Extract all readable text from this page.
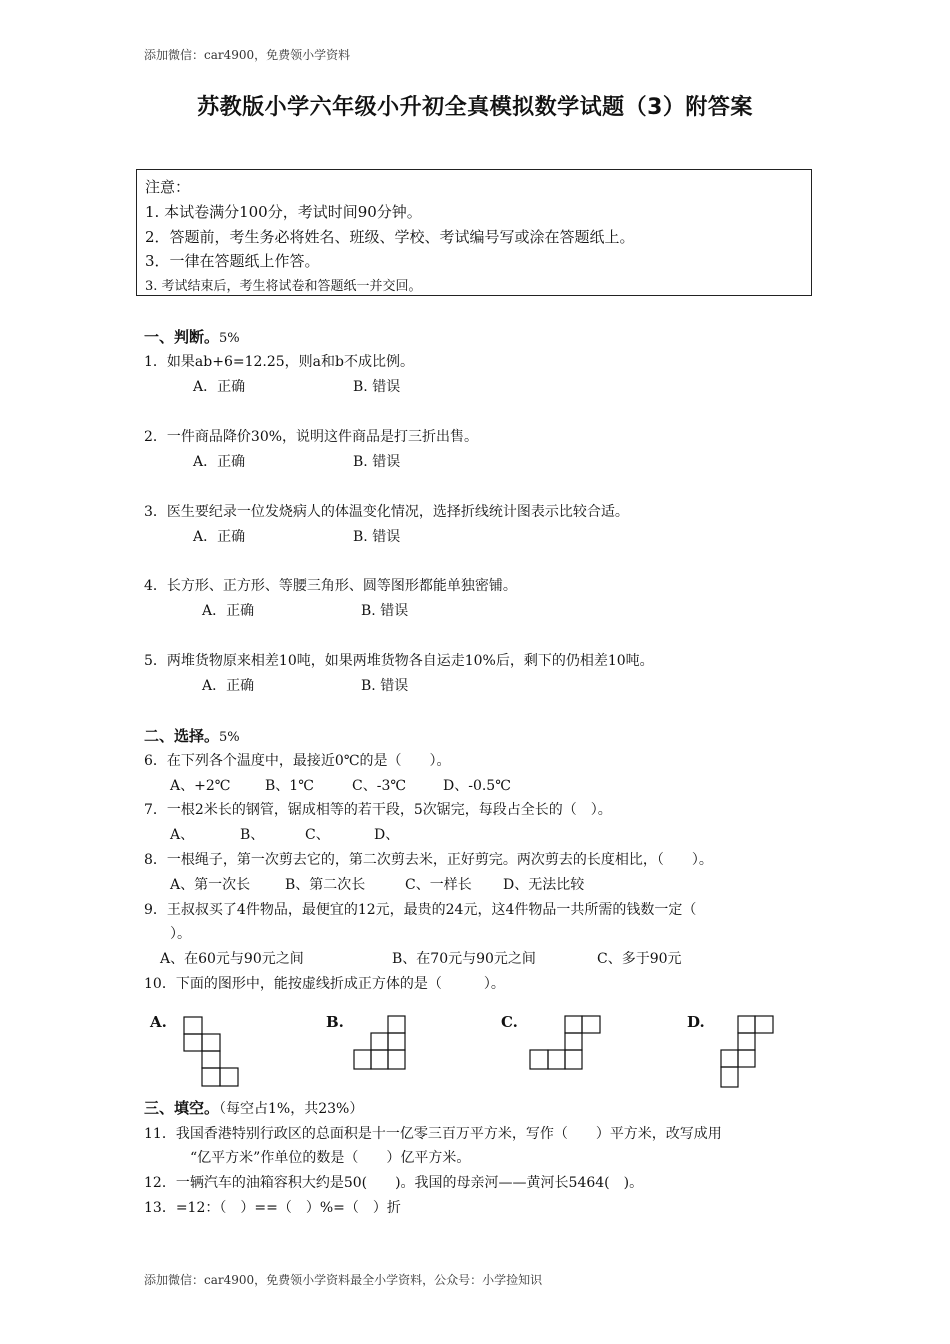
添加微信：car4900，免费领小学资料
苏教版小学六年级小升初全真模拟数学试题（3）附答案
注意：
1. 本试卷满分100分，考试时间90分钟。
2．答题前，考生务必将姓名、班级、学校、考试编号写或涂在答题纸上。
3．一律在答题纸上作答。
3. 考试结束后，考生将试卷和答题纸一并交回。
一、判断。5%
1．如果ab+6=12.25，则a和b不成比例。
A．正确	B. 错误
2．一件商品降价30%，说明这件商品是打三折出售。
A．正确	B. 错误
3．医生要纪录一位发烧病人的体温变化情况，选择折线统计图表示比较合适。
A．正确	B. 错误
4．长方形、正方形、等腰三角形、圆等图形都能单独密铺。
A．正确	B. 错误
5．两堆货物原来相差10吨，如果两堆货物各自运走10%后，剩下的仍相差10吨。
A．正确	B. 错误
二、选择。5%
6．在下列各个温度中，最接近0℃的是（　　）。
A、+2℃ B、1℃	C、-3℃	D、-0.5℃
7．一根2米长的钢管，锯成相等的若干段，5次锯完，每段占全长的（　）。
A、	B、	C、	D、
8．一根绳子，第一次剪去它的，第二次剪去米，正好剪完。两次剪去的长度相比，（　　）。
A、第一次长 B、第二次长	C、一样长 D、无法比较
9．王叔叔买了4件物品，最便宜的12元，最贵的24元，这4件物品一共所需的钱数一定（
）。
A、在60元与90元之间	B、在70元与90元之间	C、多于90元
10．下面的图形中，能按虚线折成正方体的是（　　　）。
A.	B.	C.	D.
三、填空。（每空占1%，共23%）
11．我国香港特别行政区的总面积是十一亿零三百万平方米，写作（　　）平方米，改写成用
“亿平方米”作单位的数是（　　）亿平方米。
12．一辆汽车的油箱容积大约是50(　　)。我国的母亲河——黄河长5464(　)。
13．=12：（　）==（　）%=（　）折
添加微信：car4900，免费领小学资料最全小学资料，公众号：小学捡知识
